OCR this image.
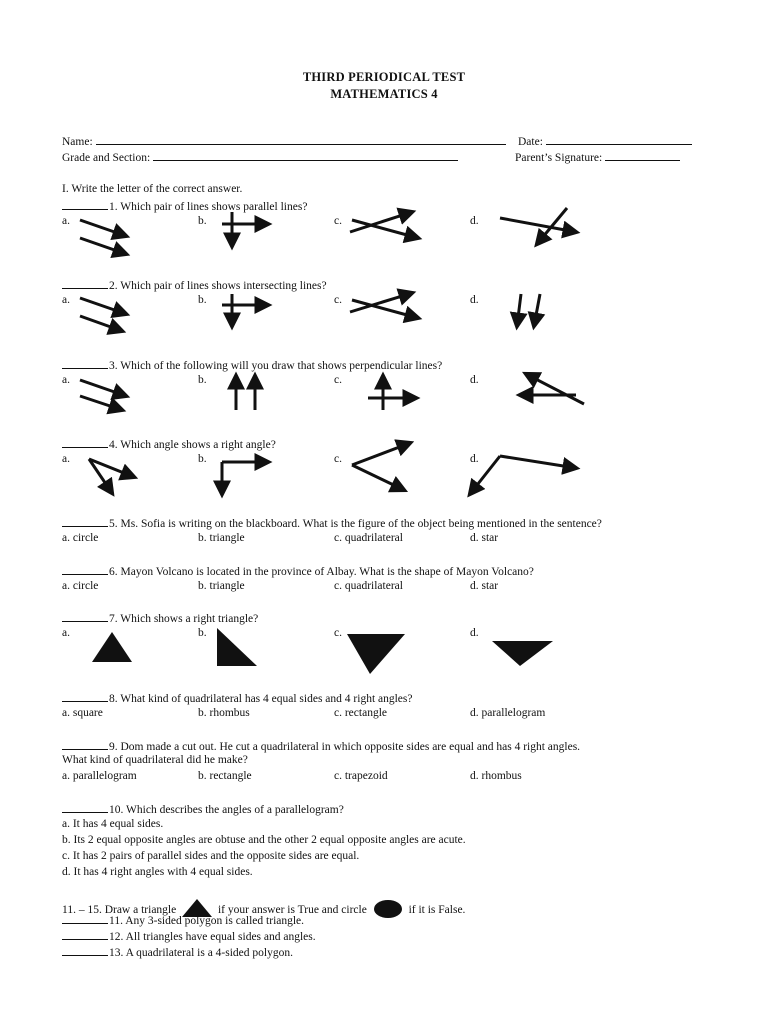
THIRD PERIODICAL TEST
MATHEMATICS 4
Name:	Date:
Grade and Section:	Parent’s Signature:
I. Write the letter of the correct answer.
1. Which pair of lines shows parallel lines?
a.	b.	c.	d.
2. Which pair of lines shows intersecting lines?
a.	b.	c.	d.
3. Which of the following will you draw that shows perpendicular lines?
a.	b.	c.	d.
4. Which angle shows a right angle?
a.	b.	c.	d.
5. Ms. Sofia is writing on the blackboard. What is the figure of the object being mentioned in the sentence?
a. circle	b. triangle	c. quadrilateral	d. star
6. Mayon Volcano is located in the province of Albay. What is the shape of Mayon Volcano?
a. circle	b. triangle	c. quadrilateral	d. star
7. Which shows a right triangle?
a.	b.	c.	d.
8. What kind of quadrilateral has 4 equal sides and 4 right angles?
a. square	b. rhombus	c. rectangle	d. parallelogram
9. Dom made a cut out. He cut a quadrilateral in which opposite sides are equal and has 4 right angles.
What kind of quadrilateral did he make?
a. parallelogram	b. rectangle	c. trapezoid	d. rhombus
10. Which describes the angles of a parallelogram?
a. It has 4 equal sides.
b. Its 2 equal opposite angles are obtuse and the other 2 equal opposite angles are acute.
c. It has 2 pairs of parallel sides and the opposite sides are equal.
d. It has 4 right angles with 4 equal sides.
11. – 15. Draw a triangle	if your answer is True and circle	if it is False.
11. Any 3-sided polygon is called triangle.
12. All triangles have equal sides and angles.
13. A quadrilateral is a 4-sided polygon.
